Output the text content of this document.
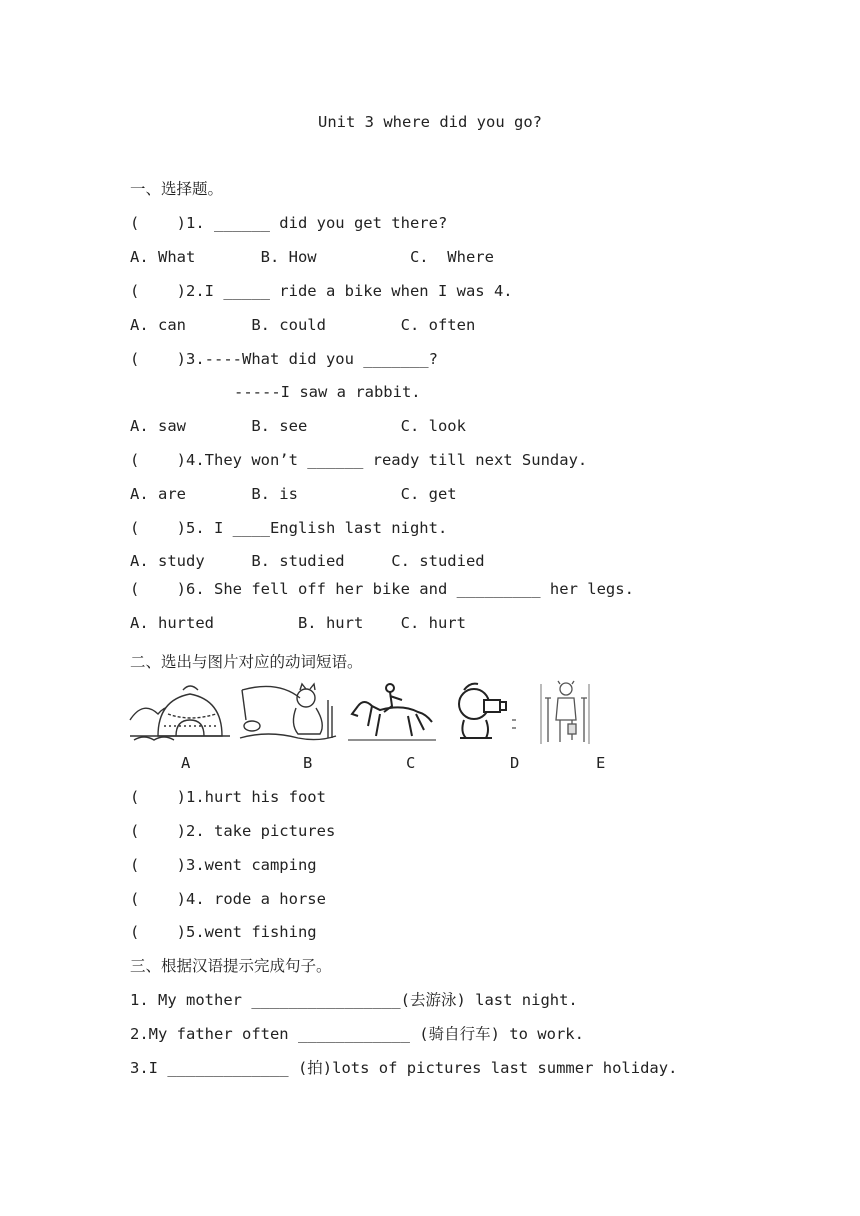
Unit 3 where did you go?
一、选择题。
(    )1. ______ did you get there?
A. What       B. How          C.  Where
(    )2.I _____ ride a bike when I was 4.
A. can       B. could        C. often
(    )3.----What did you _______?
-----I saw a rabbit.
A. saw       B. see          C. look
(    )4.They won’t ______ ready till next Sunday.
A. are       B. is           C. get
(    )5. I ____English last night.
A. study     B. studied     C. studied
(    )6. She fell off her bike and _________ her legs.
A. hurted         B. hurt    C. hurt
二、选出与图片对应的动词短语。
A	B	C	D	E
(    )1.hurt his foot
(    )2. take pictures
(    )3.went camping
(    )4. rode a horse
(    )5.went fishing
三、根据汉语提示完成句子。
1. My mother ________________(去游泳) last night.
2.My father often ____________ (骑自行车) to work.
3.I _____________ (拍)lots of pictures last summer holiday.
